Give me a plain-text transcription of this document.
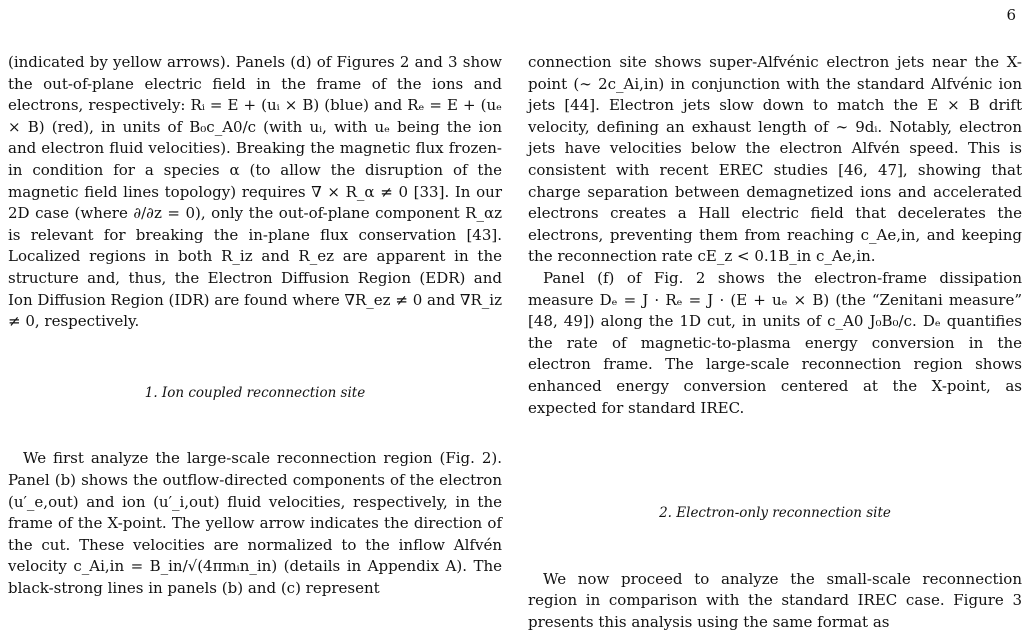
6

(indicated by yellow arrows). Panels (d) of Figures 2 and 3 show the out-of-plane electric field in the frame of the ions and electrons, respectively: Rᵢ = E + (uᵢ × B) (blue) and Rₑ = E + (uₑ × B) (red), in units of B₀c_A0/c (with uᵢ, with uₑ being the ion and electron fluid velocities). Breaking the magnetic flux frozen-in condition for a species α (to allow the disruption of the magnetic field lines topology) requires ∇ × R_α ≠ 0 [33]. In our 2D case (where ∂/∂z = 0), only the out-of-plane component R_αz is relevant for breaking the in-plane flux conservation [43]. Localized regions in both R_iz and R_ez are apparent in the structure and, thus, the Electron Diffusion Region (EDR) and Ion Diffusion Region (IDR) are found where ∇R_ez ≠ 0 and ∇R_iz ≠ 0, respectively.

1. Ion coupled reconnection site

We first analyze the large-scale reconnection region (Fig. 2). Panel (b) shows the outflow-directed components of the electron (u′_e,out) and ion (u′_i,out) fluid velocities, respectively, in the frame of the X-point. The yellow arrow indicates the direction of the cut. These velocities are normalized to the inflow Alfvén velocity c_Ai,in = B_in/√(4πmᵢn_in) (details in Appendix A). The black-strong lines in panels (b) and (c) represent

connection site shows super-Alfvénic electron jets near the X-point (∼ 2c_Ai,in) in conjunction with the standard Alfvénic ion jets [44]. Electron jets slow down to match the E × B drift velocity, defining an exhaust length of ∼ 9dᵢ. Notably, electron jets have velocities below the electron Alfvén speed. This is consistent with recent EREC studies [46, 47], showing that charge separation between demagnetized ions and accelerated electrons creates a Hall electric field that decelerates the electrons, preventing them from reaching c_Ae,in, and keeping the reconnection rate cE_z < 0.1B_in c_Ae,in.

Panel (f) of Fig. 2 shows the electron-frame dissipation measure Dₑ = J · Rₑ = J · (E + uₑ × B) (the “Zenitani measure” [48, 49]) along the 1D cut, in units of c_A0 J₀B₀/c. Dₑ quantifies the rate of magnetic-to-plasma energy conversion in the electron frame. The large-scale reconnection region shows enhanced energy conversion centered at the X-point, as expected for standard IREC.

2. Electron-only reconnection site

We now proceed to analyze the small-scale reconnection region in comparison with the standard IREC case. Figure 3 presents this analysis using the same format as
